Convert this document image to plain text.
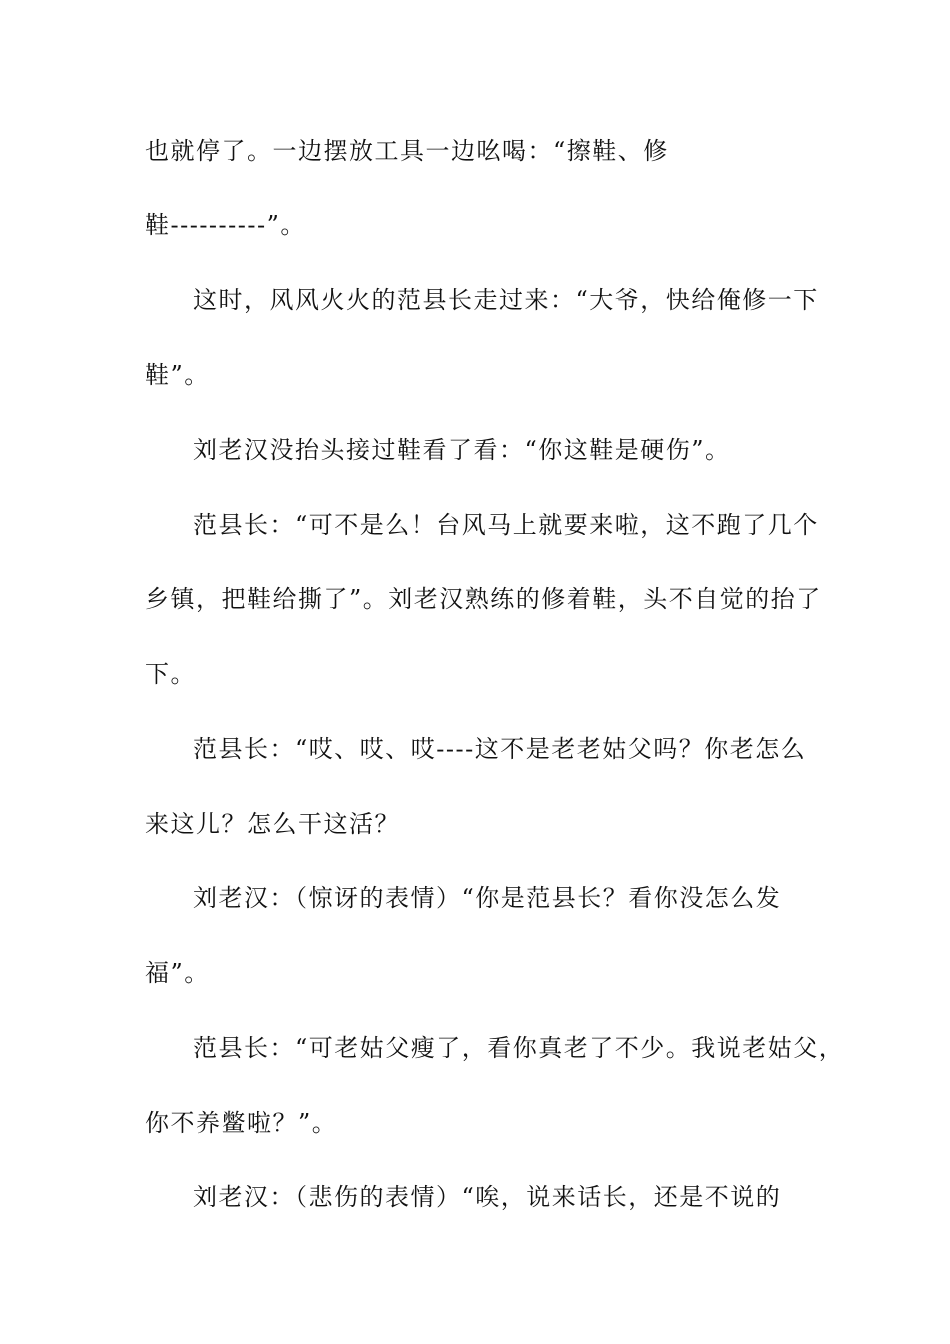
也就停了。一边摆放工具一边吆喝：“擦鞋、修
鞋----------”。
这时，风风火火的范县长走过来：“大爷，快给俺修一下
鞋”。
刘老汉没抬头接过鞋看了看：“你这鞋是硬伤”。
范县长：“可不是么！台风马上就要来啦，这不跑了几个
乡镇，把鞋给撕了”。刘老汉熟练的修着鞋，头不自觉的抬了
下。
范县长：“哎、哎、哎----这不是老老姑父吗？你老怎么
来这儿？怎么干这活？
刘老汉：（惊讶的表情）“你是范县长？看你没怎么发
福”。
范县长：“可老姑父瘦了，看你真老了不少。我说老姑父，
你不养鳖啦？”。
刘老汉：（悲伤的表情）“唉，说来话长，还是不说的
